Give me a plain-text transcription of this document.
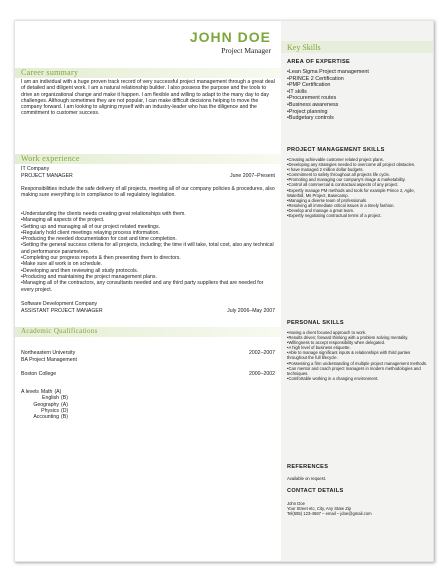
JOHN DOE
Project Manager
Career summary
I am an individual with a huge proven track record of very successful project management through a great deal of detailed and diligent work. I am a natural relationship builder. I also possess the purpose and the tools to drive an organizational change and make it happen. I am flexible and willing to adapt to the many day to day challenges. Although sometimes they are not popular, I can make difficult decisions helping to move the company forward. I am looking to aligning myself with an industry-leader who has the diligence and the commitment to customer success.
Work experience
IT Company
PROJECT MANAGER	June 2007–Present
Responsibilities include the safe delivery of all projects, meeting all of our company policies & procedures, also making sure everything is in compliance to all regulatory legislation.
• Understanding the clients needs creating great relationships with them.
• Managing all aspects of the project.
• Setting up and managing all of our project related meetings.
• Regularly hold client meetings relaying process information.
• Producing the needed documentation for cost and time completion.
• Setting the general success criteria for all projects, including; the time it will take, total cost, also any technical and performance parameters.
• Completing our progress reports & then presenting them to directors.
• Make sure all work is on schedule.
• Developing and then reviewing all study protocols.
• Producing and maintaining the project management plans.
• Managing all of the contractors, any consultants needed and any third party suppliers that are needed for every project.
Software Development Company
ASSISTANT PROJECT MANAGER	July 2006–May 2007
Academic Qualifications
Northeastern University	2002–2007
BA Project Management
Boston College	2000–2002
A levels Math (A)
English (B)
Geography (A)
Physics (D)
Accounting (B)
Key Skills
AREA OF EXPERTISE
• Lean Sigma Project management
• PRINCE 2 Certification
• PMP Certification
• IT skills
• Procurement routes
• Business awareness
• Project planning
• Budgetary controls
PROJECT MANAGEMENT SKILLS
• Creating achievable customer related project plans.
• Developing any strategies needed to overcome all project obstacles.
• I have managed 2 million dollar budgets.
• Commitment to safety throughout all projects life cycle.
• Promoting and managing our company's image & marketability.
• Control all commercial & contractual aspects of any project.
• Expertly manage PM methods and tools for example Prince 2, Agile, Waterfall, Ms Project, Basecamp.
• Managing a diverse team of professionals.
• Resolving all immediate critical issues in a timely fashion.
• Develop and manage a great team.
• Expertly negotiating contractual terms of a project.
PERSONAL SKILLS
• Having a client focused approach to work.
• Results driven; forward thinking with a problem solving mentality.
• Willingness to accept responsibility when delegated.
• A high level of business etiquette.
• Able to manage significant inputs & relationships with third parties throughout the full lifecycle.
• Possessing a firm understanding of multiple project management methods.
• Can mentor and coach project managers in modern methodologies and techniques.
• Comfortable working in a changing environment.
REFERENCES
Available on request.
CONTACT DETAILS
John Doe
Your Street etc, City, Any State Zip
Tel(555) 123-4567 – email – jdoe@gmail.com
